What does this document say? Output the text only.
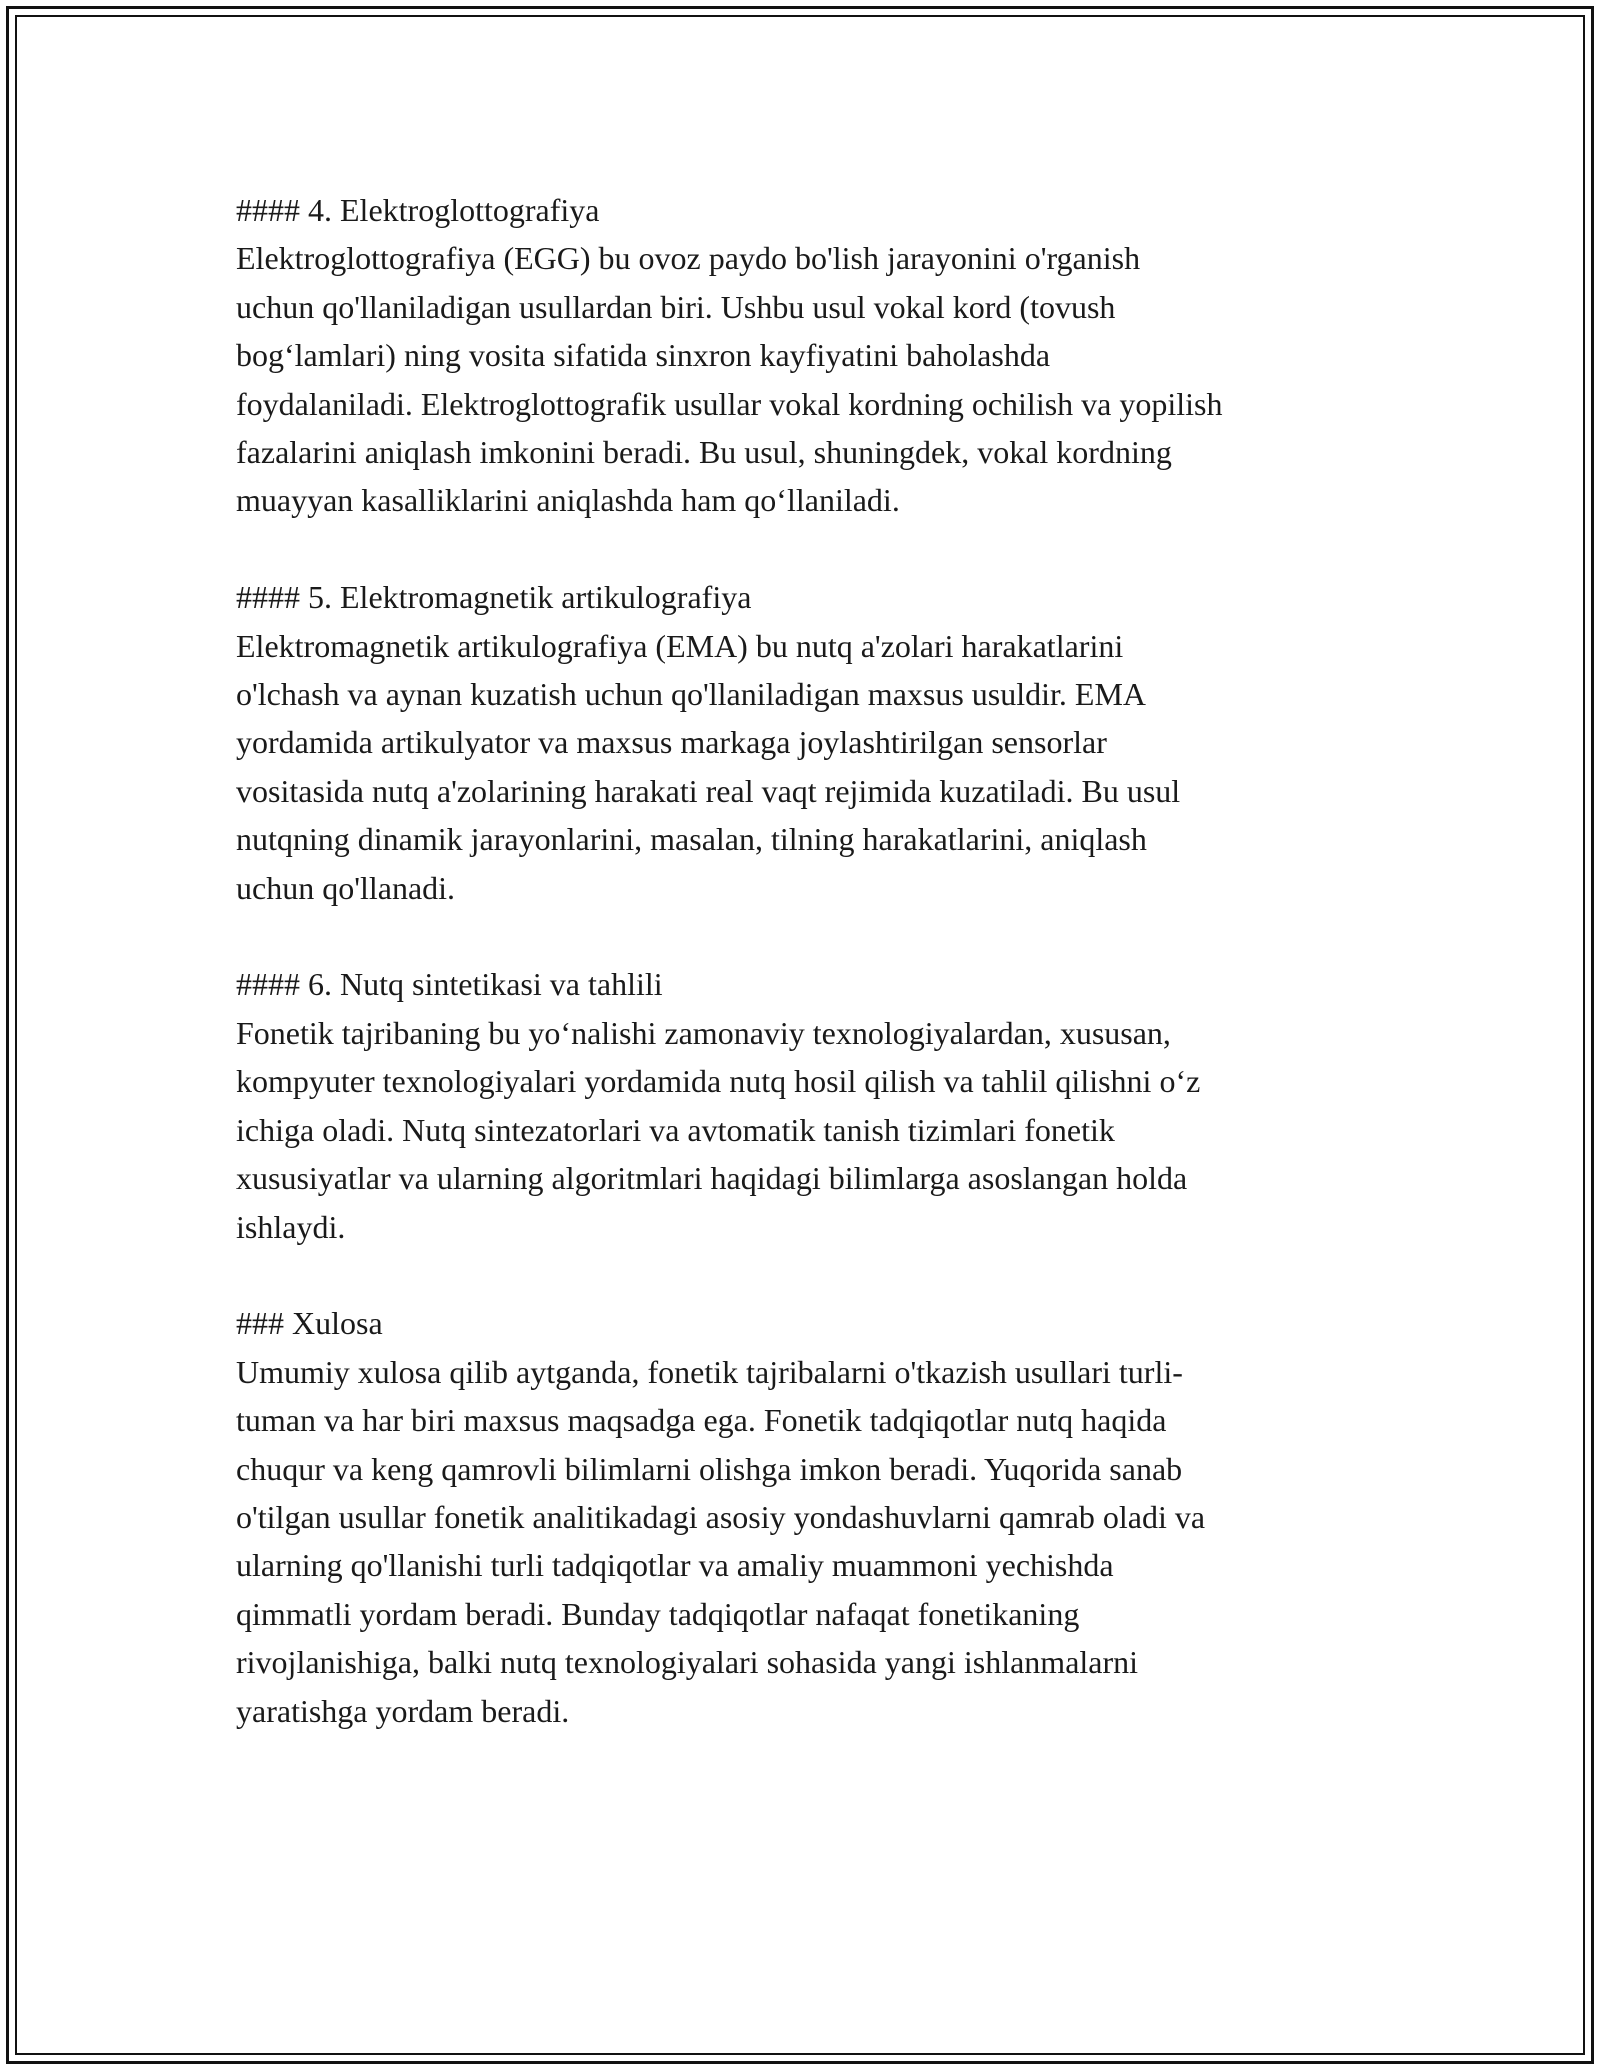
#### 4. Elektroglottografiya
Elektroglottografiya (EGG) bu ovoz paydo bo'lish jarayonini o'rganish
uchun qo'llaniladigan usullardan biri. Ushbu usul vokal kord (tovush
bog‘lamlari) ning vosita sifatida sinxron kayfiyatini baholashda
foydalaniladi. Elektroglottografik usullar vokal kordning ochilish va yopilish
fazalarini aniqlash imkonini beradi. Bu usul, shuningdek, vokal kordning
muayyan kasalliklarini aniqlashda ham qo‘llaniladi.
#### 5. Elektromagnetik artikulografiya
Elektromagnetik artikulografiya (EMA) bu nutq a'zolari harakatlarini
o'lchash va aynan kuzatish uchun qo'llaniladigan maxsus usuldir. EMA
yordamida artikulyator va maxsus markaga joylashtirilgan sensorlar
vositasida nutq a'zolarining harakati real vaqt rejimida kuzatiladi. Bu usul
nutqning dinamik jarayonlarini, masalan, tilning harakatlarini, aniqlash
uchun qo'llanadi.
#### 6. Nutq sintetikasi va tahlili
Fonetik tajribaning bu yo‘nalishi zamonaviy texnologiyalardan, xususan,
kompyuter texnologiyalari yordamida nutq hosil qilish va tahlil qilishni o‘z
ichiga oladi. Nutq sintezatorlari va avtomatik tanish tizimlari fonetik
xususiyatlar va ularning algoritmlari haqidagi bilimlarga asoslangan holda
ishlaydi.
### Xulosa
Umumiy xulosa qilib aytganda, fonetik tajribalarni o'tkazish usullari turli-
tuman va har biri maxsus maqsadga ega. Fonetik tadqiqotlar nutq haqida
chuqur va keng qamrovli bilimlarni olishga imkon beradi. Yuqorida sanab
o'tilgan usullar fonetik analitikadagi asosiy yondashuvlarni qamrab oladi va
ularning qo'llanishi turli tadqiqotlar va amaliy muammoni yechishda
qimmatli yordam beradi. Bunday tadqiqotlar nafaqat fonetikaning
rivojlanishiga, balki nutq texnologiyalari sohasida yangi ishlanmalarni
yaratishga yordam beradi.
